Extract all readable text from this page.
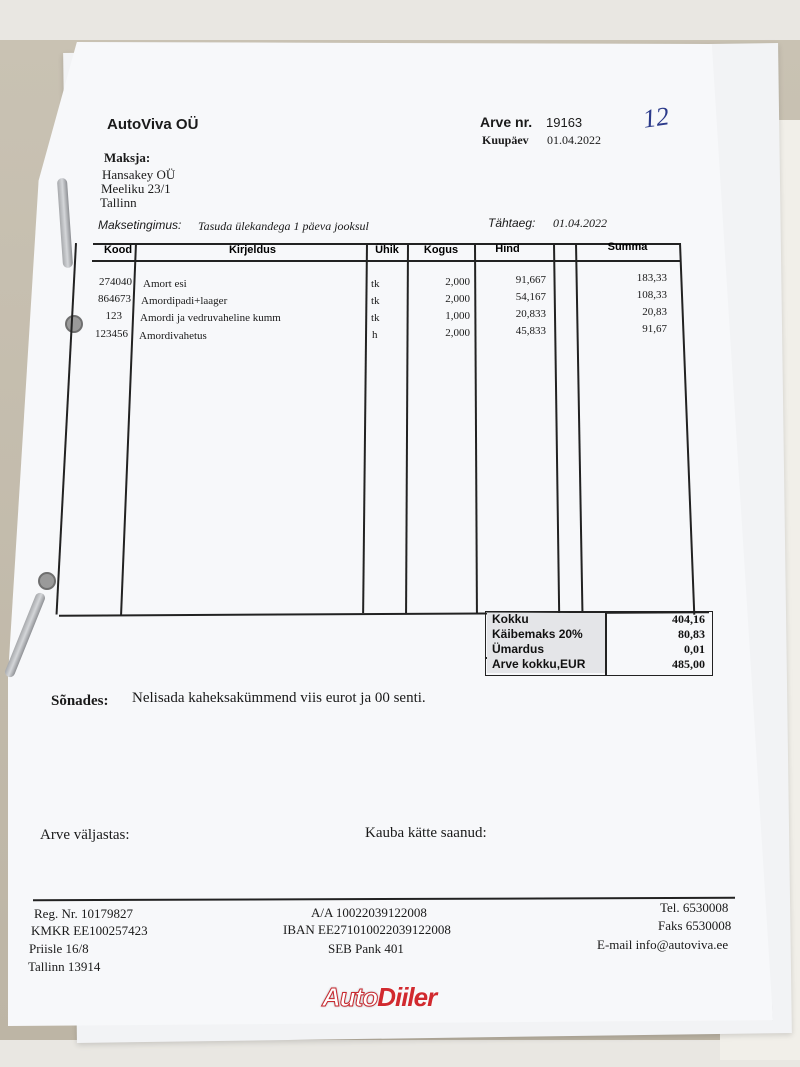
AutoViva OÜ	Arve nr. 19163
Kuupäev 01.04.2022
12
Maksja:
Hansakey OÜ
Meeliku 23/1
Tallinn
Maksetingimus: Tasuda ülekandega 1 päeva jooksul	Tähtaeg: 01.04.2022
Kood	Kirjeldus	Ühik	Kogus	Hind	Summa
274040 Amort esi	tk	2,000	91,667	183,33
864673 Amordipadi+laager	tk	2,000	54,167	108,33
123 Amordi ja vedruvaheline kumm	tk	1,000	20,833	20,83
123456 Amordivahetus	h	2,000	45,833	91,67
Kokku	404,16
Käibemaks 20%	80,83
Ümardus	0,01
Arve kokku,EUR	485,00
Sõnades: Nelisada kaheksakümmend viis eurot ja 00 senti.
Arve väljastas:	Kauba kätte saanud:
Reg. Nr. 10179827
KMKR EE100257423
Priisle 16/8
Tallinn 13914
A/A 10022039122008
IBAN EE271010022039122008
SEB Pank 401
Tel. 6530008
Faks 6530008
E-mail info@autoviva.ee
AutoDiiler
